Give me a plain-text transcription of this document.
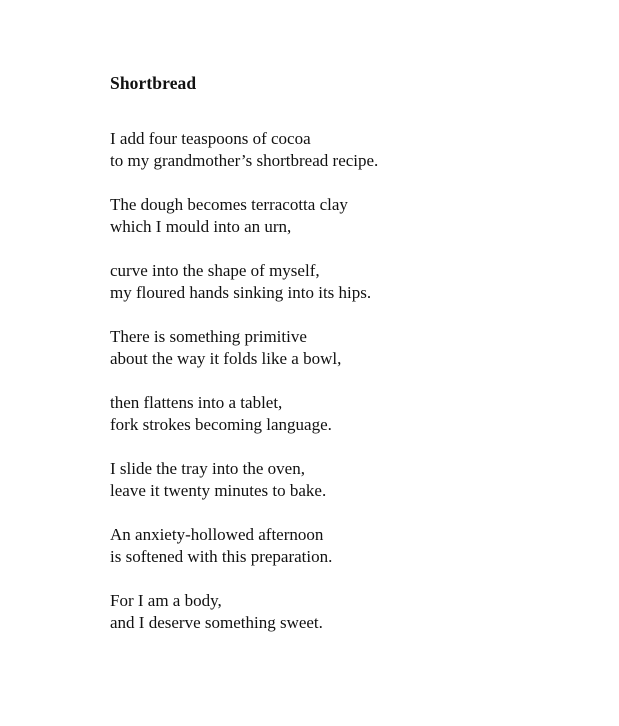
Shortbread
I add four teaspoons of cocoa
to my grandmother’s shortbread recipe.
The dough becomes terracotta clay
which I mould into an urn,
curve into the shape of myself,
my floured hands sinking into its hips.
There is something primitive
about the way it folds like a bowl,
then flattens into a tablet,
fork strokes becoming language.
I slide the tray into the oven,
leave it twenty minutes to bake.
An anxiety-hollowed afternoon
is softened with this preparation.
For I am a body,
and I deserve something sweet.
